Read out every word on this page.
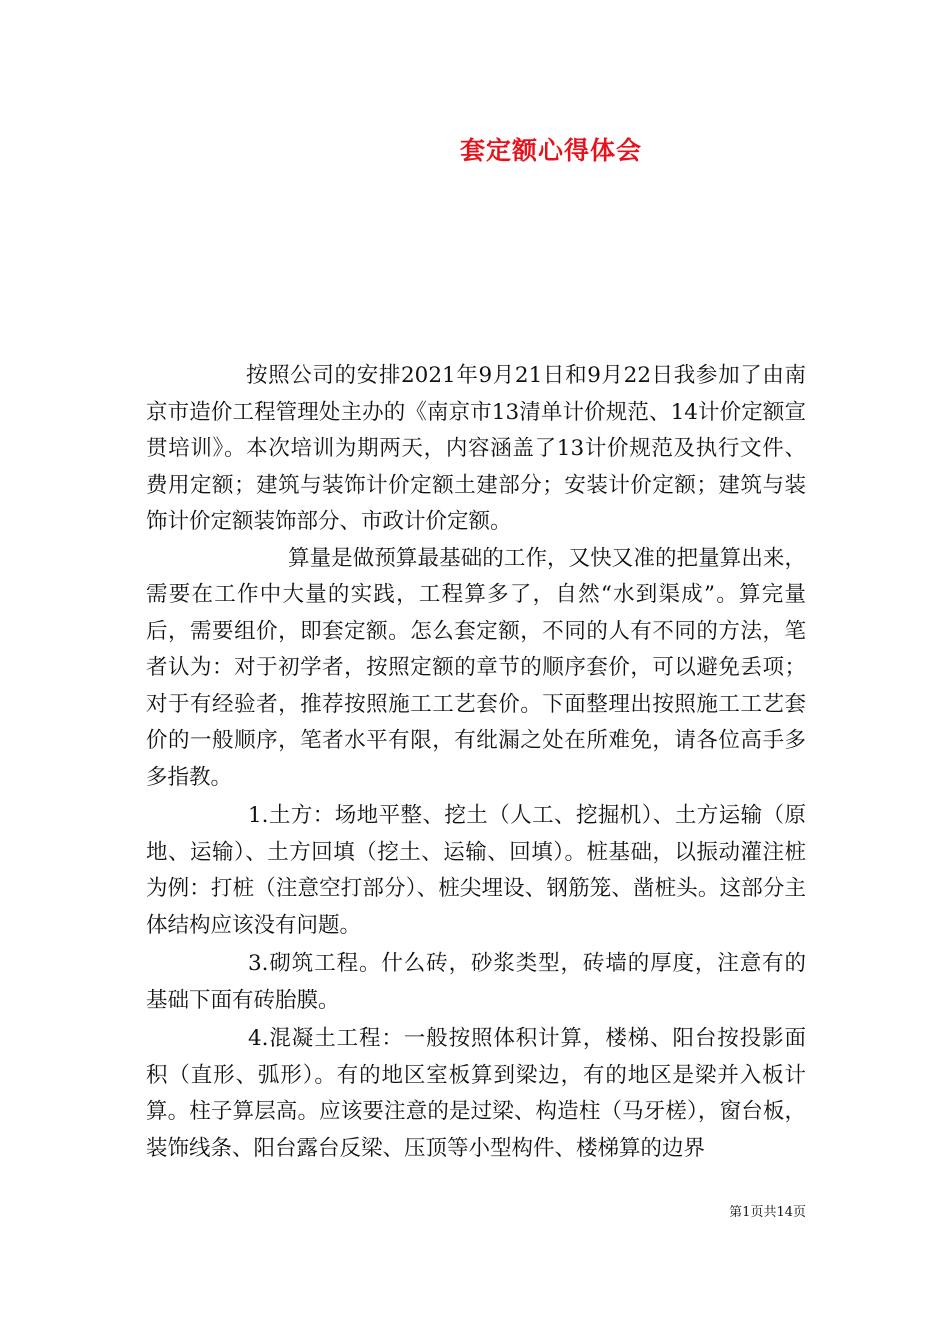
套定额心得体会

按照公司的安排2021年9月21日和9月22日我参加了由南京市造价工程管理处主办的《南京市13清单计价规范、14计价定额宣贯培训》。本次培训为期两天，内容涵盖了13计价规范及执行文件、费用定额；建筑与装饰计价定额土建部分；安装计价定额；建筑与装饰计价定额装饰部分、市政计价定额。

算量是做预算最基础的工作，又快又准的把量算出来，需要在工作中大量的实践，工程算多了，自然“水到渠成”。算完量后，需要组价，即套定额。怎么套定额，不同的人有不同的方法，笔者认为：对于初学者，按照定额的章节的顺序套价，可以避免丢项；对于有经验者，推荐按照施工工艺套价。下面整理出按照施工工艺套价的一般顺序，笔者水平有限，有纰漏之处在所难免，请各位高手多多指教。

1.土方：场地平整、挖土（人工、挖掘机）、土方运输（原地、运输）、土方回填（挖土、运输、回填）。桩基础，以振动灌注桩为例：打桩（注意空打部分）、桩尖埋设、钢筋笼、凿桩头。这部分主体结构应该没有问题。

3.砌筑工程。什么砖，砂浆类型，砖墙的厚度，注意有的基础下面有砖胎膜。

4.混凝土工程：一般按照体积计算，楼梯、阳台按投影面积（直形、弧形）。有的地区室板算到梁边，有的地区是梁并入板计算。柱子算层高。应该要注意的是过梁、构造柱（马牙槎），窗台板，装饰线条、阳台露台反梁、压顶等小型构件、楼梯算的边界

第1页共14页
